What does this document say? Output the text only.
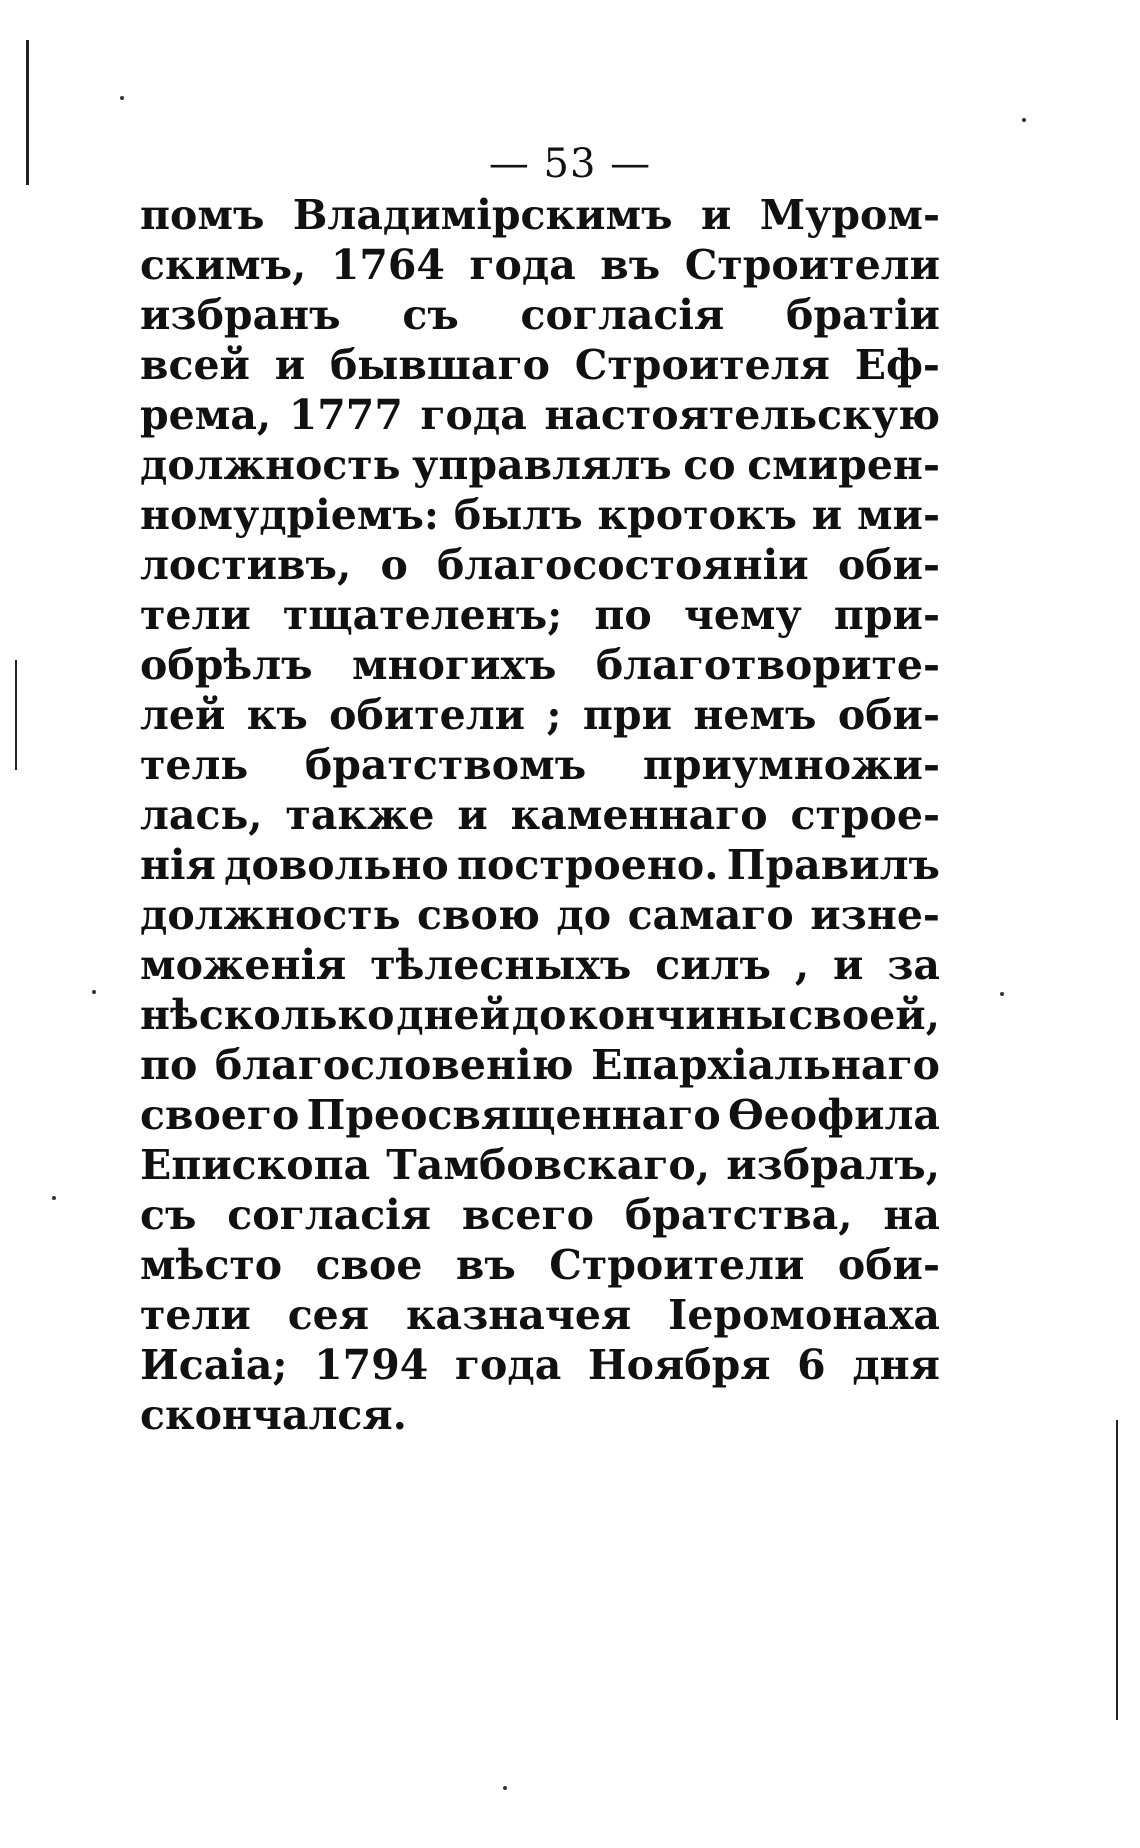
— 53 —
помъ Владимірскимъ и Муром-
скимъ, 1764 года въ Строители
избранъ съ согласія братіи
всей и бывшаго Строителя Еф-
рема, 1777 года настоятельскую
должность управлялъ со смирен-
номудріемъ: былъ кротокъ и ми-
лостивъ, о благосостояніи оби-
тели тщателенъ; по чему при-
обрѣлъ многихъ благотворите-
лей къ обители ; при немъ оби-
тель братствомъ приумножи-
лась, также и каменнаго строе-
нія довольно построено. Правилъ
должность свою до самаго изне-
моженія тѣлесныхъ силъ , и за
нѣсколько дней до кончины своей,
по благословенію Епархіальнаго
своего Преосвященнаго Ѳеофила
Епископа Тамбовскаго, избралъ,
съ согласія всего братства, на
мѣсто свое въ Строители оби-
тели сея казначея Іеромонаха
Исаіа; 1794 года Ноября 6 дня
скончался.
